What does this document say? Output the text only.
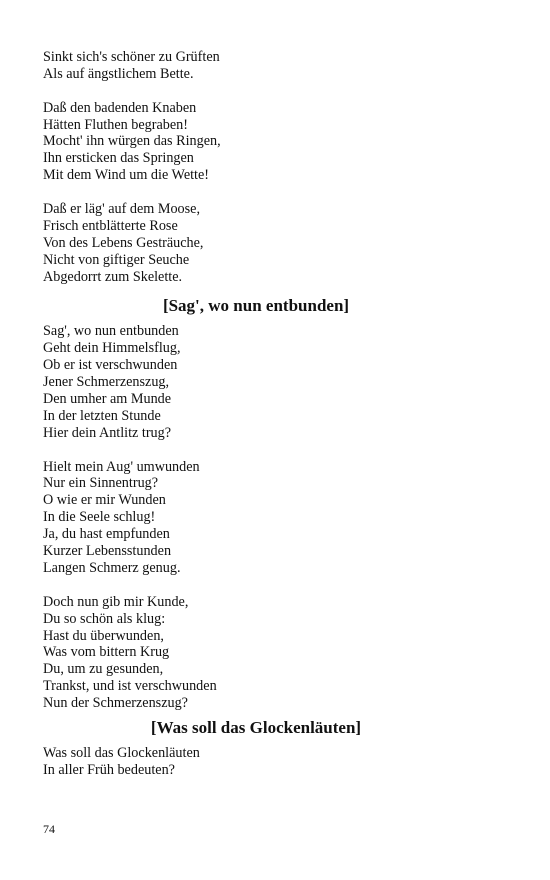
Sinkt sich's schöner zu Grüften
Als auf ängstlichem Bette.
Daß den badenden Knaben
Hätten Fluthen begraben!
Mocht' ihn würgen das Ringen,
Ihn ersticken das Springen
Mit dem Wind um die Wette!
Daß er läg' auf dem Moose,
Frisch entblätterte Rose
Von des Lebens Gesträuche,
Nicht von giftiger Seuche
Abgedorrt zum Skelette.
[Sag', wo nun entbunden]
Sag', wo nun entbunden
Geht dein Himmelsflug,
Ob er ist verschwunden
Jener Schmerzenszug,
Den umher am Munde
In der letzten Stunde
Hier dein Antlitz trug?
Hielt mein Aug' umwunden
Nur ein Sinnentrug?
O wie er mir Wunden
In die Seele schlug!
Ja, du hast empfunden
Kurzer Lebensstunden
Langen Schmerz genug.
Doch nun gib mir Kunde,
Du so schön als klug:
Hast du überwunden,
Was vom bittern Krug
Du, um zu gesunden,
Trankst, und ist verschwunden
Nun der Schmerzenszug?
[Was soll das Glockenläuten]
Was soll das Glockenläuten
In aller Früh bedeuten?
74
